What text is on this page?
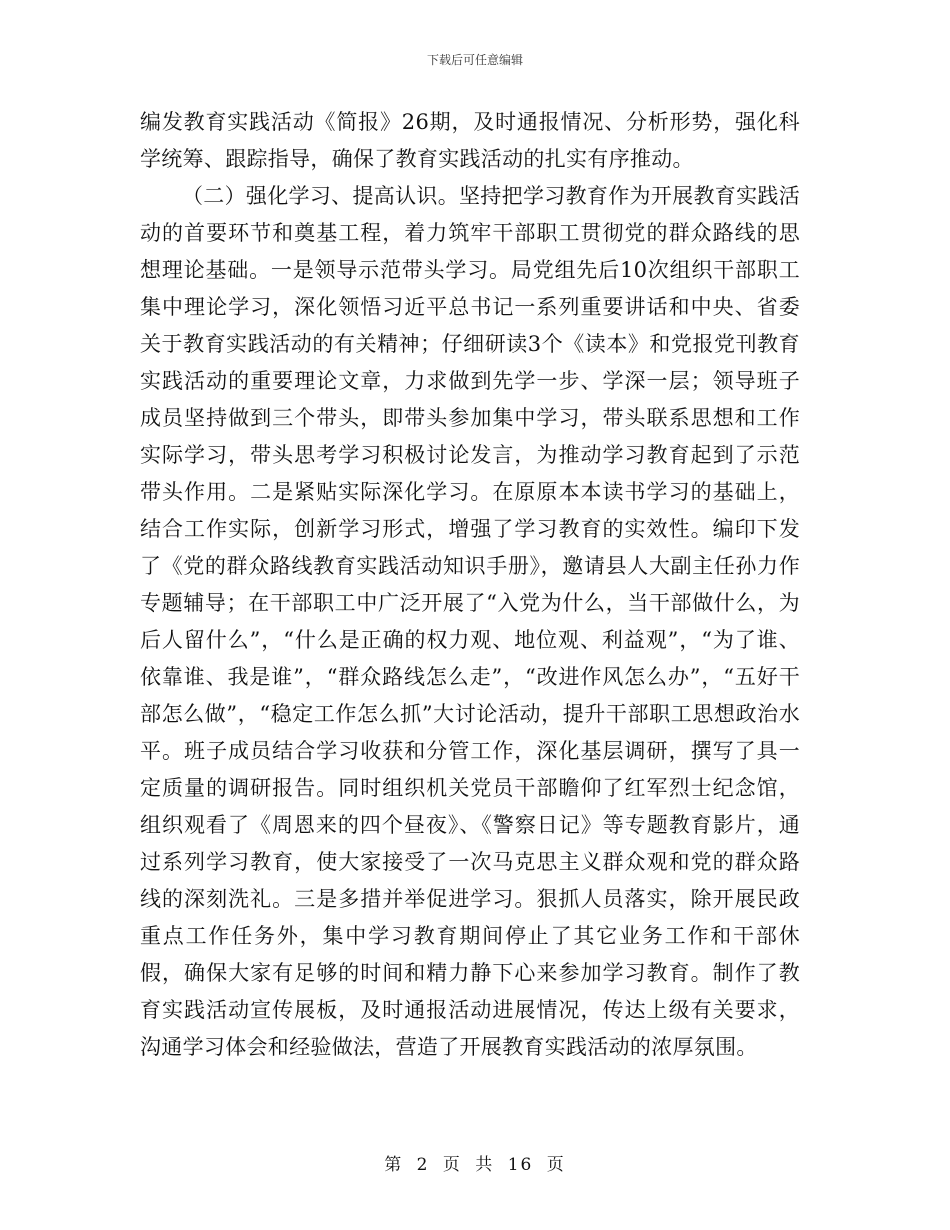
下载后可任意编辑

编发教育实践活动《简报》26期，及时通报情况、分析形势，强化科学统筹、跟踪指导，确保了教育实践活动的扎实有序推动。

（二）强化学习、提高认识。坚持把学习教育作为开展教育实践活动的首要环节和奠基工程，着力筑牢干部职工贯彻党的群众路线的思想理论基础。一是领导示范带头学习。局党组先后10次组织干部职工集中理论学习，深化领悟习近平总书记一系列重要讲话和中央、省委关于教育实践活动的有关精神；仔细研读3个《读本》和党报党刊教育实践活动的重要理论文章，力求做到先学一步、学深一层；领导班子成员坚持做到三个带头，即带头参加集中学习，带头联系思想和工作实际学习，带头思考学习积极讨论发言，为推动学习教育起到了示范带头作用。二是紧贴实际深化学习。在原原本本读书学习的基础上，结合工作实际，创新学习形式，增强了学习教育的实效性。编印下发了《党的群众路线教育实践活动知识手册》，邀请县人大副主任孙力作专题辅导；在干部职工中广泛开展了“入党为什么，当干部做什么，为后人留什么”，“什么是正确的权力观、地位观、利益观”，“为了谁、依靠谁、我是谁”，“群众路线怎么走”，“改进作风怎么办”，“五好干部怎么做”，“稳定工作怎么抓”大讨论活动，提升干部职工思想政治水平。班子成员结合学习收获和分管工作，深化基层调研，撰写了具一定质量的调研报告。同时组织机关党员干部瞻仰了红军烈士纪念馆，组织观看了《周恩来的四个昼夜》、《警察日记》等专题教育影片，通过系列学习教育，使大家接受了一次马克思主义群众观和党的群众路线的深刻洗礼。三是多措并举促进学习。狠抓人员落实，除开展民政重点工作任务外，集中学习教育期间停止了其它业务工作和干部休假，确保大家有足够的时间和精力静下心来参加学习教育。制作了教育实践活动宣传展板，及时通报活动进展情况，传达上级有关要求，沟通学习体会和经验做法，营造了开展教育实践活动的浓厚氛围。

第 2 页 共 16 页
